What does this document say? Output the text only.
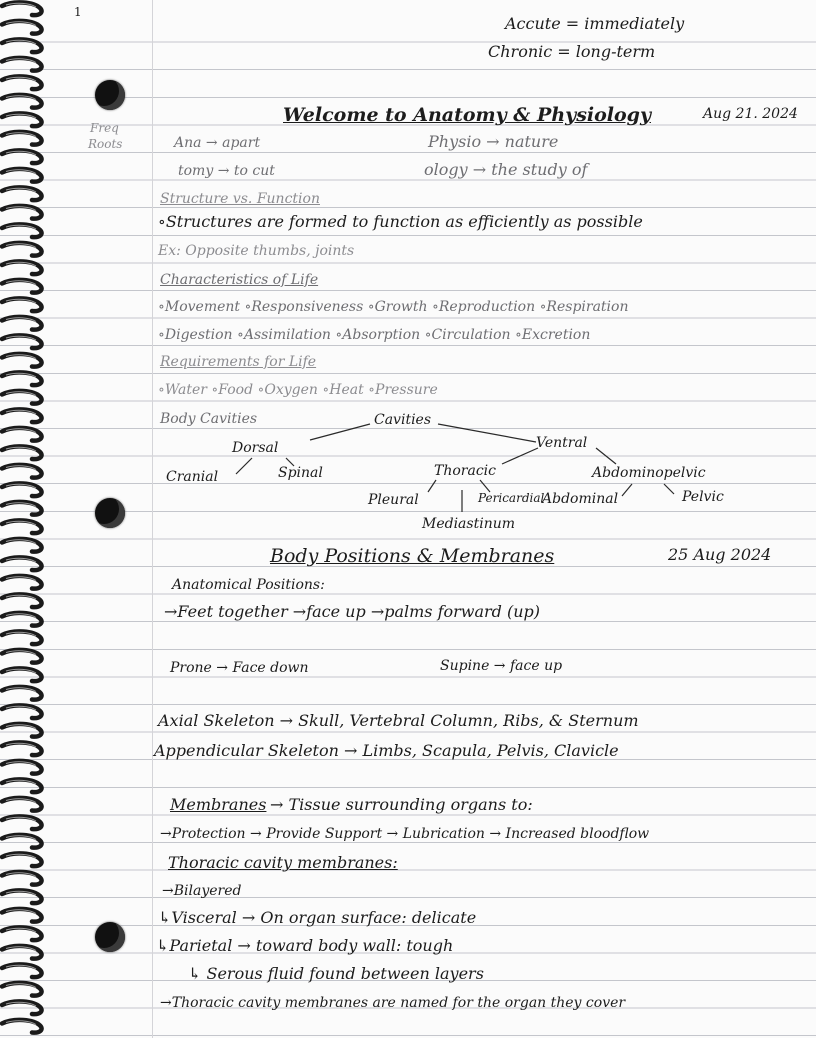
1
Accute = immediately
Chronic = long-term
Freq
Roots
Welcome to Anatomy & Physiology	Aug 21. 2024
Ana → apart
tomy → to cut
Physio → nature
ology → the study of
Structure vs. Function
∘Structures are formed to function as efficiently as possible
Ex: Opposite thumbs, joints
Characteristics of Life
∘Movement ∘Responsiveness ∘Growth ∘Reproduction ∘Respiration
∘Digestion ∘Assimilation ∘Absorption ∘Circulation ∘Excretion
Requirements for Life
∘Water ∘Food ∘Oxygen ∘Heat ∘Pressure
Body Cavities	Cavities
Dorsal	Ventral
Cranial	Spinal	Thoracic	Abdominopelvic
Pleural	Pericardial
Abdominal	Pelvic
Mediastinum
Body Positions & Membranes	25 Aug 2024
Anatomical Positions:
→Feet together →face up →palms forward (up)
Prone → Face down	Supine → face up
Axial Skeleton → Skull, Vertebral Column, Ribs, & Sternum
Appendicular Skeleton → Limbs, Scapula, Pelvis, Clavicle
Membranes → Tissue surrounding organs to:
→Protection → Provide Support → Lubrication → Increased bloodflow
Thoracic cavity membranes:
→Bilayered
↳Visceral → On organ surface: delicate
↳Parietal → toward body wall: tough
↳ Serous fluid found between layers
→Thoracic cavity membranes are named for the organ they cover
